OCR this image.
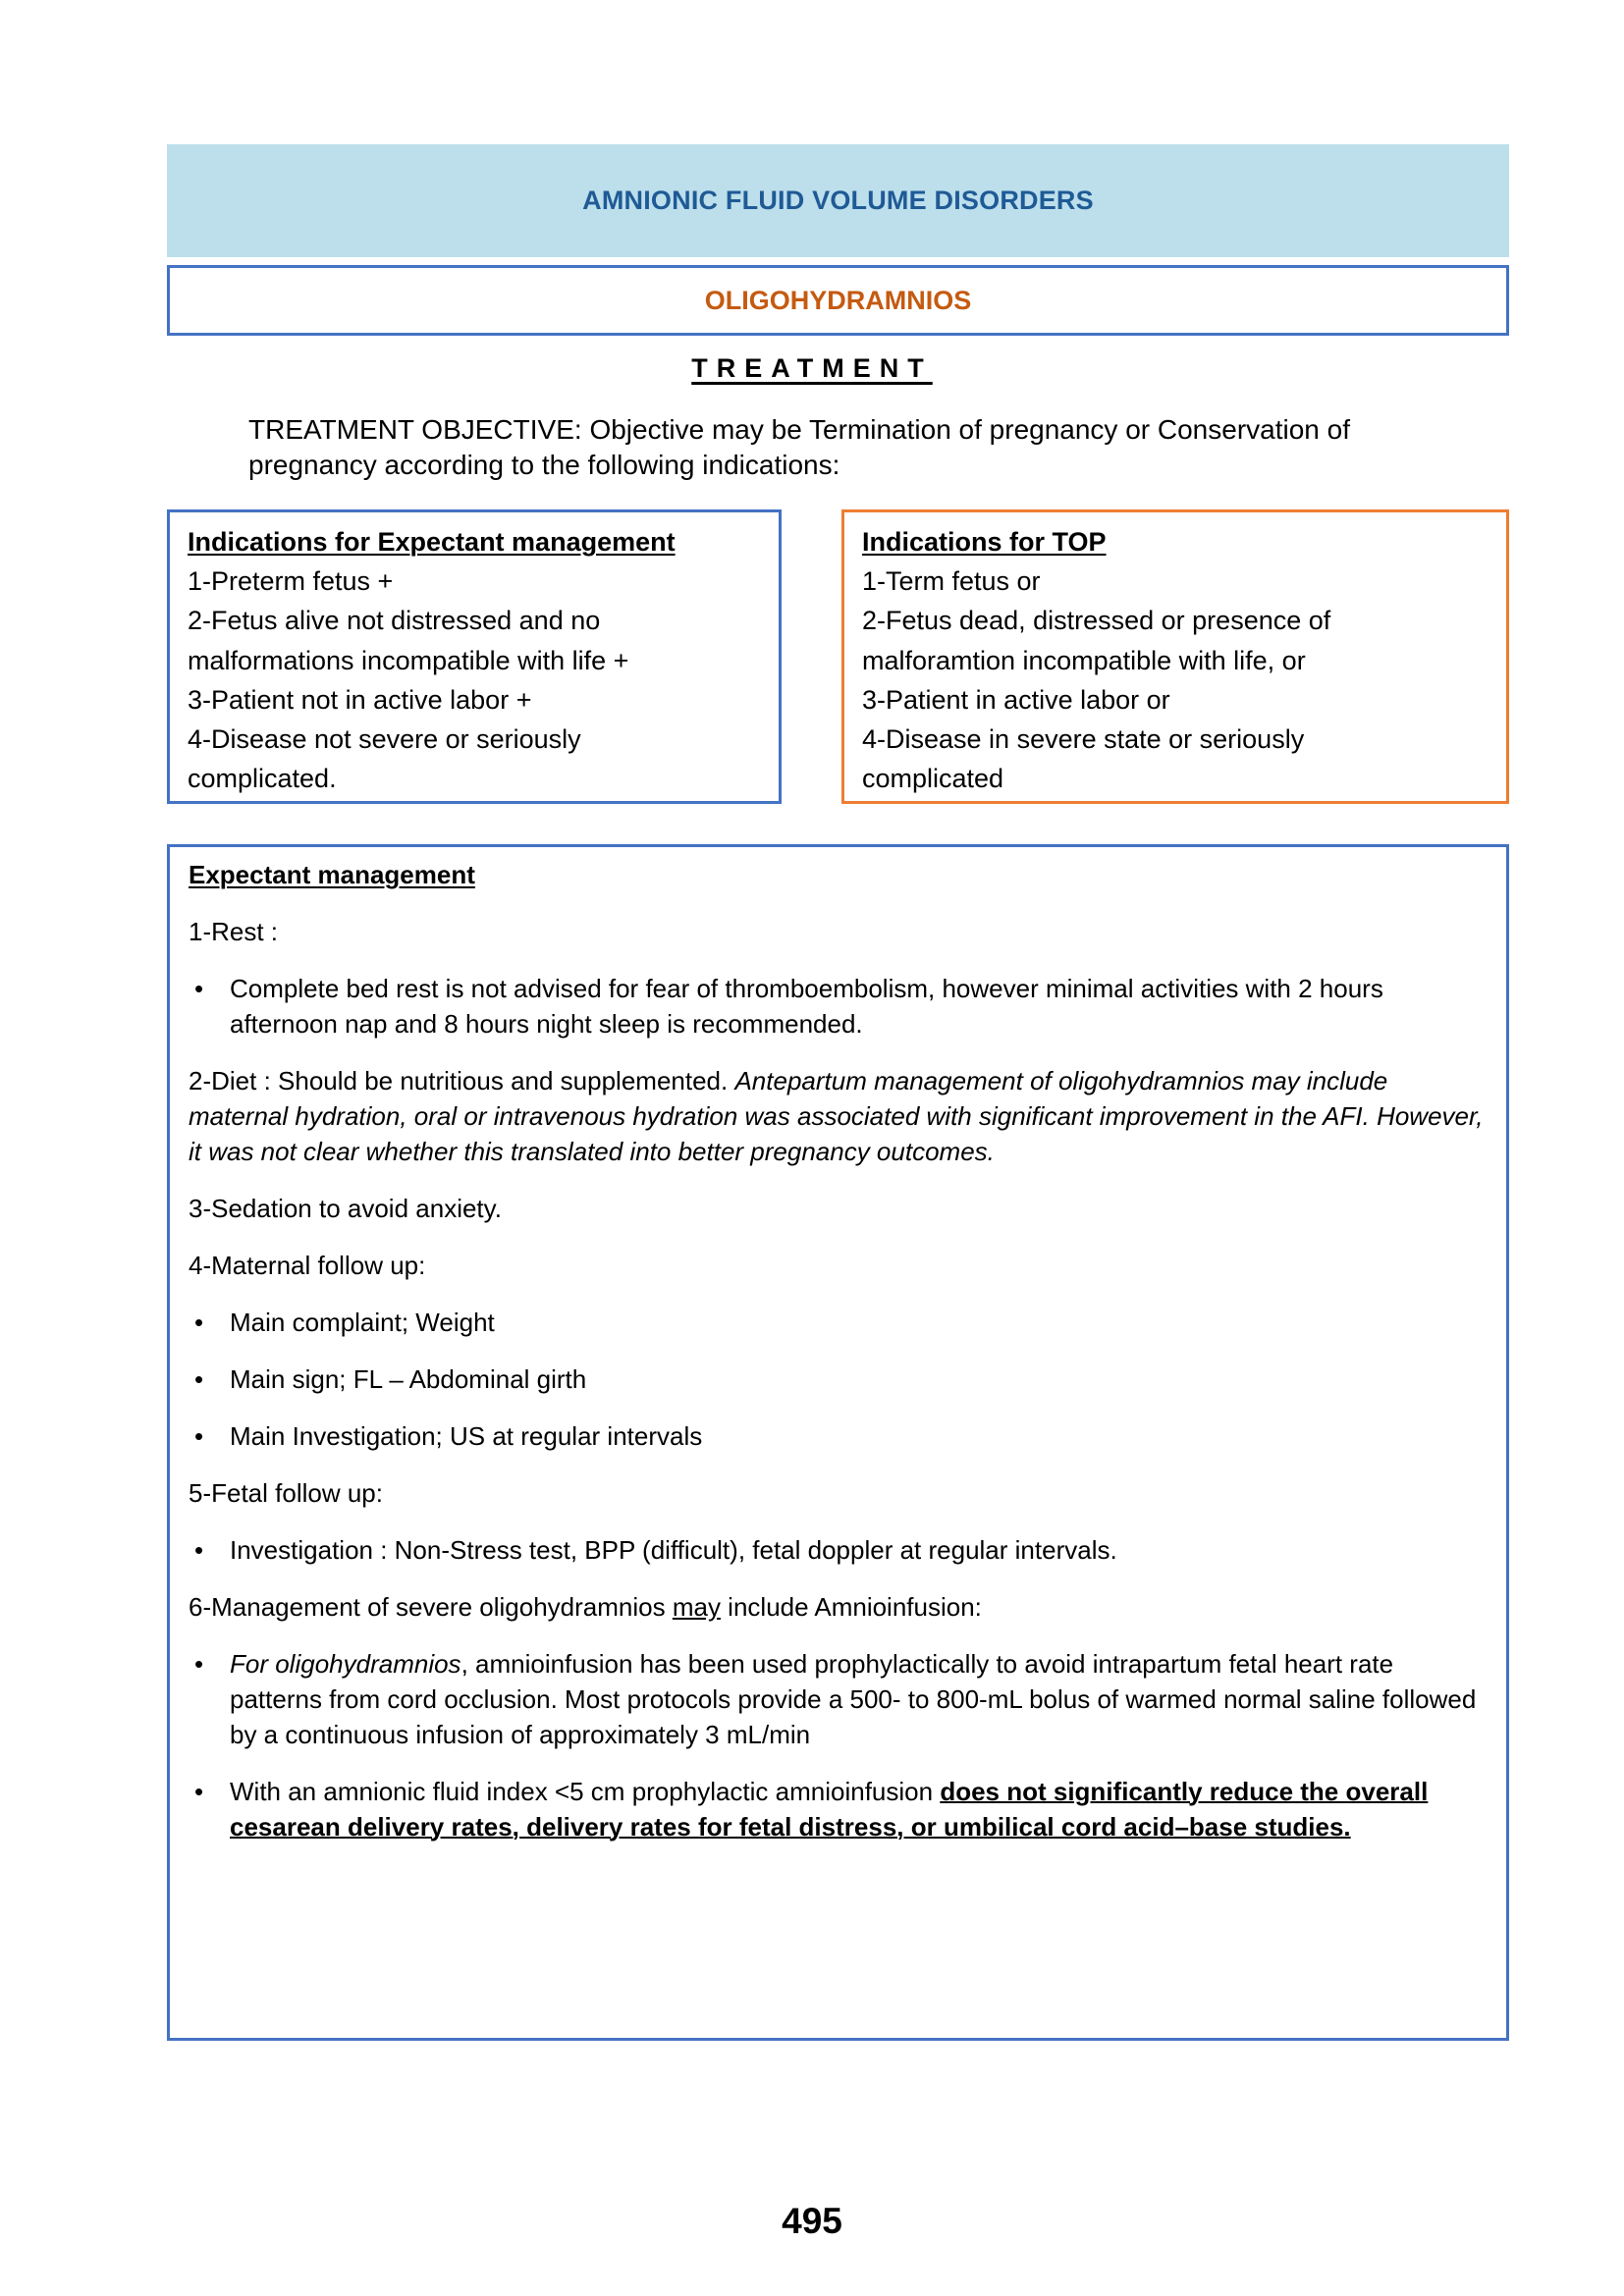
AMNIONIC FLUID VOLUME DISORDERS
OLIGOHYDRAMNIOS
TREATMENT
TREATMENT OBJECTIVE: Objective may be Termination of pregnancy or Conservation of pregnancy according to the following indications:
Indications for Expectant management
1-Preterm fetus +
2-Fetus alive not distressed and no
malformations incompatible with life +
3-Patient not in active labor +
4-Disease not severe or seriously
complicated.
Indications for TOP
1-Term fetus or
2-Fetus dead, distressed or presence of
malforamtion incompatible with life, or
3-Patient in active labor or
4-Disease in severe state or seriously
complicated
Expectant management

1-Rest :

•	Complete bed rest is not advised for fear of thromboembolism, however minimal activities with 2 hours afternoon nap and 8 hours night sleep is recommended.

2-Diet : Should be nutritious and supplemented. Antepartum management of oligohydramnios may include maternal hydration, oral or intravenous hydration was associated with significant improvement in the AFI. However, it was not clear whether this translated into better pregnancy outcomes.

3-Sedation to avoid anxiety.

4-Maternal follow up:

•	Main complaint; Weight
•	Main sign; FL – Abdominal girth
•	Main Investigation; US at regular intervals

5-Fetal follow up:

•	Investigation : Non-Stress test, BPP (difficult), fetal doppler at regular intervals.

6-Management of severe oligohydramnios may include Amnioinfusion:

•	For oligohydramnios, amnioinfusion has been used prophylactically to avoid intrapartum fetal heart rate patterns from cord occlusion. Most protocols provide a 500- to 800-mL bolus of warmed normal saline followed by a continuous infusion of approximately 3 mL/min
•	With an amnionic fluid index <5 cm prophylactic amnioinfusion does not significantly reduce the overall cesarean delivery rates, delivery rates for fetal distress, or umbilical cord acid–base studies.
495
